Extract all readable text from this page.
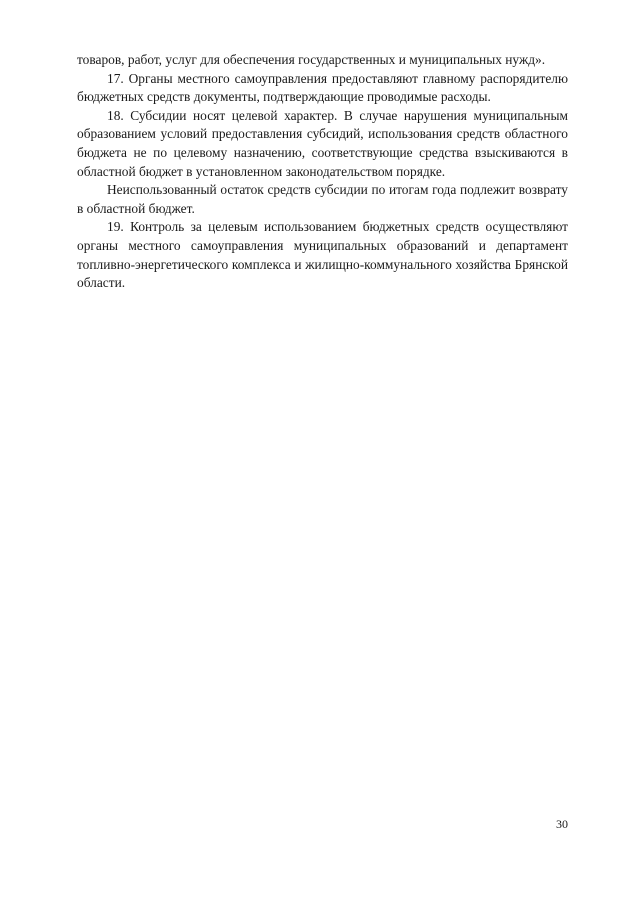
товаров, работ, услуг для обеспечения государственных и муниципальных нужд».

17. Органы местного самоуправления предоставляют главному распорядителю бюджетных средств документы, подтверждающие проводимые расходы.

18. Субсидии носят целевой характер. В случае нарушения муниципальным образованием условий предоставления субсидий, использования средств областного бюджета не по целевому назначению, соответствующие средства взыскиваются в областной бюджет в установленном законодательством порядке.

Неиспользованный остаток средств субсидии по итогам года подлежит возврату в областной бюджет.

19. Контроль за целевым использованием бюджетных средств осуществляют органы местного самоуправления муниципальных образований и департамент топливно-энергетического комплекса и жилищно-коммунального хозяйства Брянской области.

30
